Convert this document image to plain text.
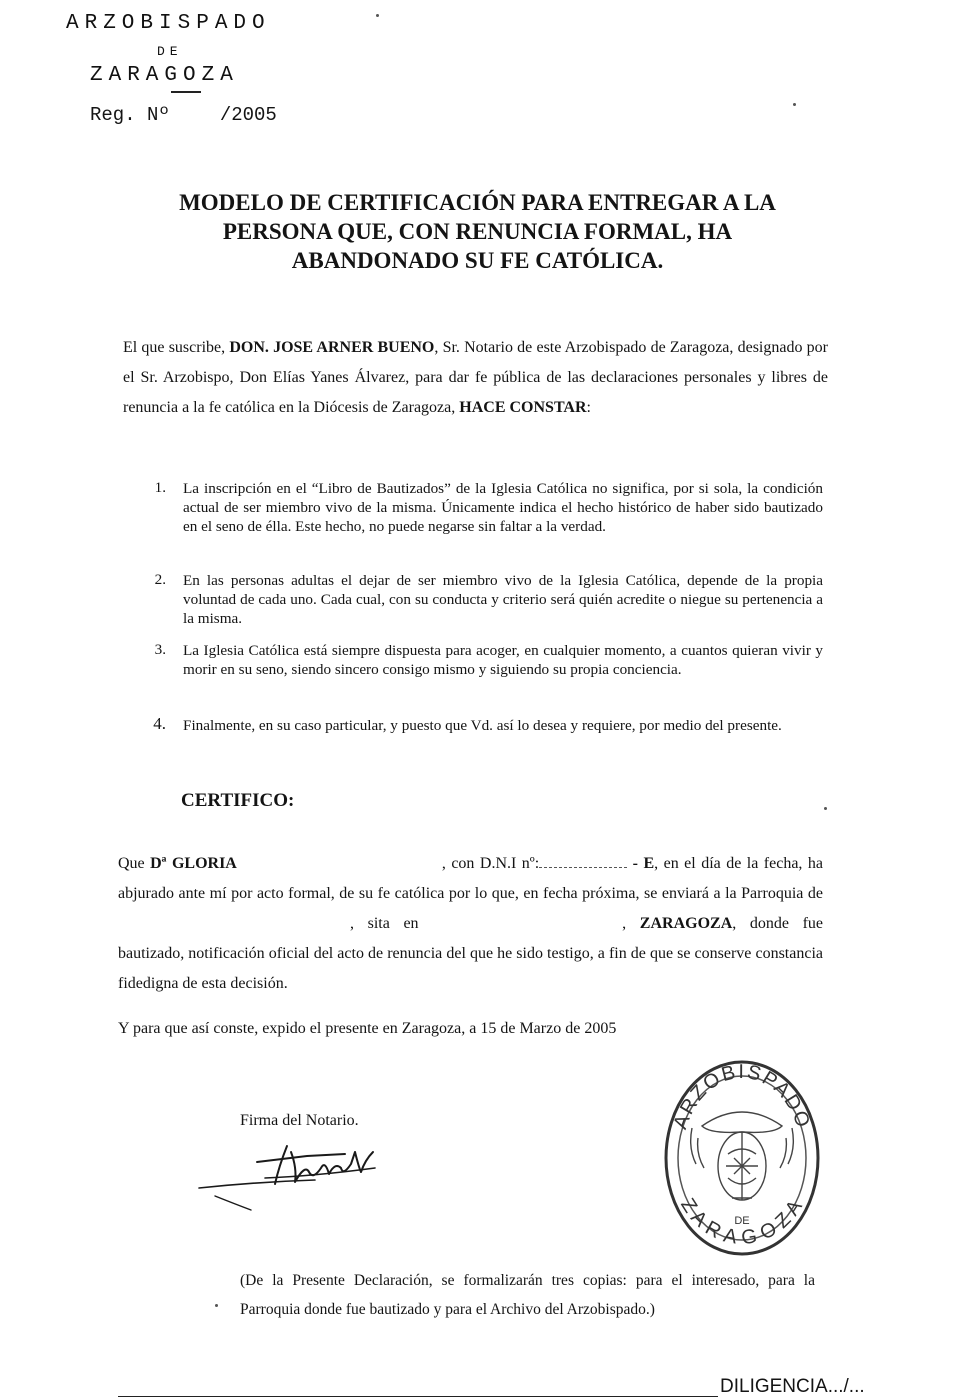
ARZOBISPADO
DE
ZARAGOZA
Reg. Nº	/2005
MODELO DE CERTIFICACIÓN PARA ENTREGAR A LA
PERSONA QUE, CON RENUNCIA FORMAL, HA
ABANDONADO SU FE CATÓLICA.
El que suscribe, DON. JOSE ARNER BUENO, Sr. Notario de este Arzobispado de Zaragoza, designado por el Sr. Arzobispo, Don Elías Yanes Álvarez, para dar fe pública de las declaraciones personales y libres de renuncia a la fe católica en la Diócesis de Zaragoza, HACE CONSTAR:
1. La inscripción en el “Libro de Bautizados” de la Iglesia Católica no significa, por si sola, la condición actual de ser miembro vivo de la misma. Únicamente indica el hecho histórico de haber sido bautizado en el seno de élla. Este hecho, no puede negarse sin faltar a la verdad.
2. En las personas adultas el dejar de ser miembro vivo de la Iglesia Católica, depende de la propia voluntad de cada uno. Cada cual, con su conducta y criterio será quién acredite o niegue su pertenencia a la misma.
3. La Iglesia Católica está siempre dispuesta para acoger, en cualquier momento, a cuantos quieran vivir y morir en su seno, siendo sincero consigo mismo y siguiendo su propia conciencia.
4. Finalmente, en su caso particular, y puesto que Vd. así lo desea y requiere, por medio del presente.
CERTIFICO:
Que Dª GLORIA	, con D.N.I nº:	- E, en el día de la fecha, ha abjurado ante mí por acto formal, de su fe católica por lo que, en fecha próxima, se enviará a la Parroquia de , sita en	, ZARAGOZA, donde fue bautizado, notificación oficial del acto de renuncia del que he sido testigo, a fin de que se conserve constancia fidedigna de esta decisión.
Y para que así conste, expido el presente en Zaragoza, a 15 de Marzo de 2005
Firma del Notario.	ARZOBISPADO
ZARAGOZA
DE
(De la Presente Declaración, se formalizarán tres copias: para el interesado, para la Parroquia donde fue bautizado y para el Archivo del Arzobispado.)
DILIGENCIA.../...
